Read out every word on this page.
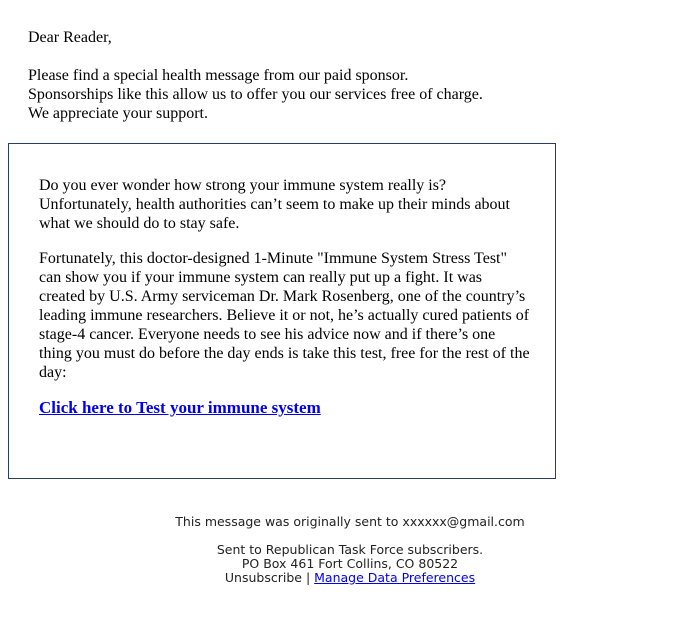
Dear Reader,

Please find a special health message from our paid sponsor.

Sponsorships like this allow us to offer you our services free of charge.

We appreciate your support.

Do you ever wonder how strong your immune system really is? Unfortunately, health authorities can’t seem to make up their minds about what we should do to stay safe.

Fortunately, this doctor-designed 1-Minute "Immune System Stress Test" can show you if your immune system can really put up a fight. It was created by U.S. Army serviceman Dr. Mark Rosenberg, one of the country’s leading immune researchers. Believe it or not, he’s actually cured patients of stage-4 cancer. Everyone needs to see his advice now and if there’s one thing you must do before the day ends is take this test, free for the rest of the day:

Click here to Test your immune system
This message was originally sent to xxxxxx@gmail.com
Sent to Republican Task Force subscribers.
PO Box 461 Fort Collins, CO 80522
Unsubscribe | Manage Data Preferences
